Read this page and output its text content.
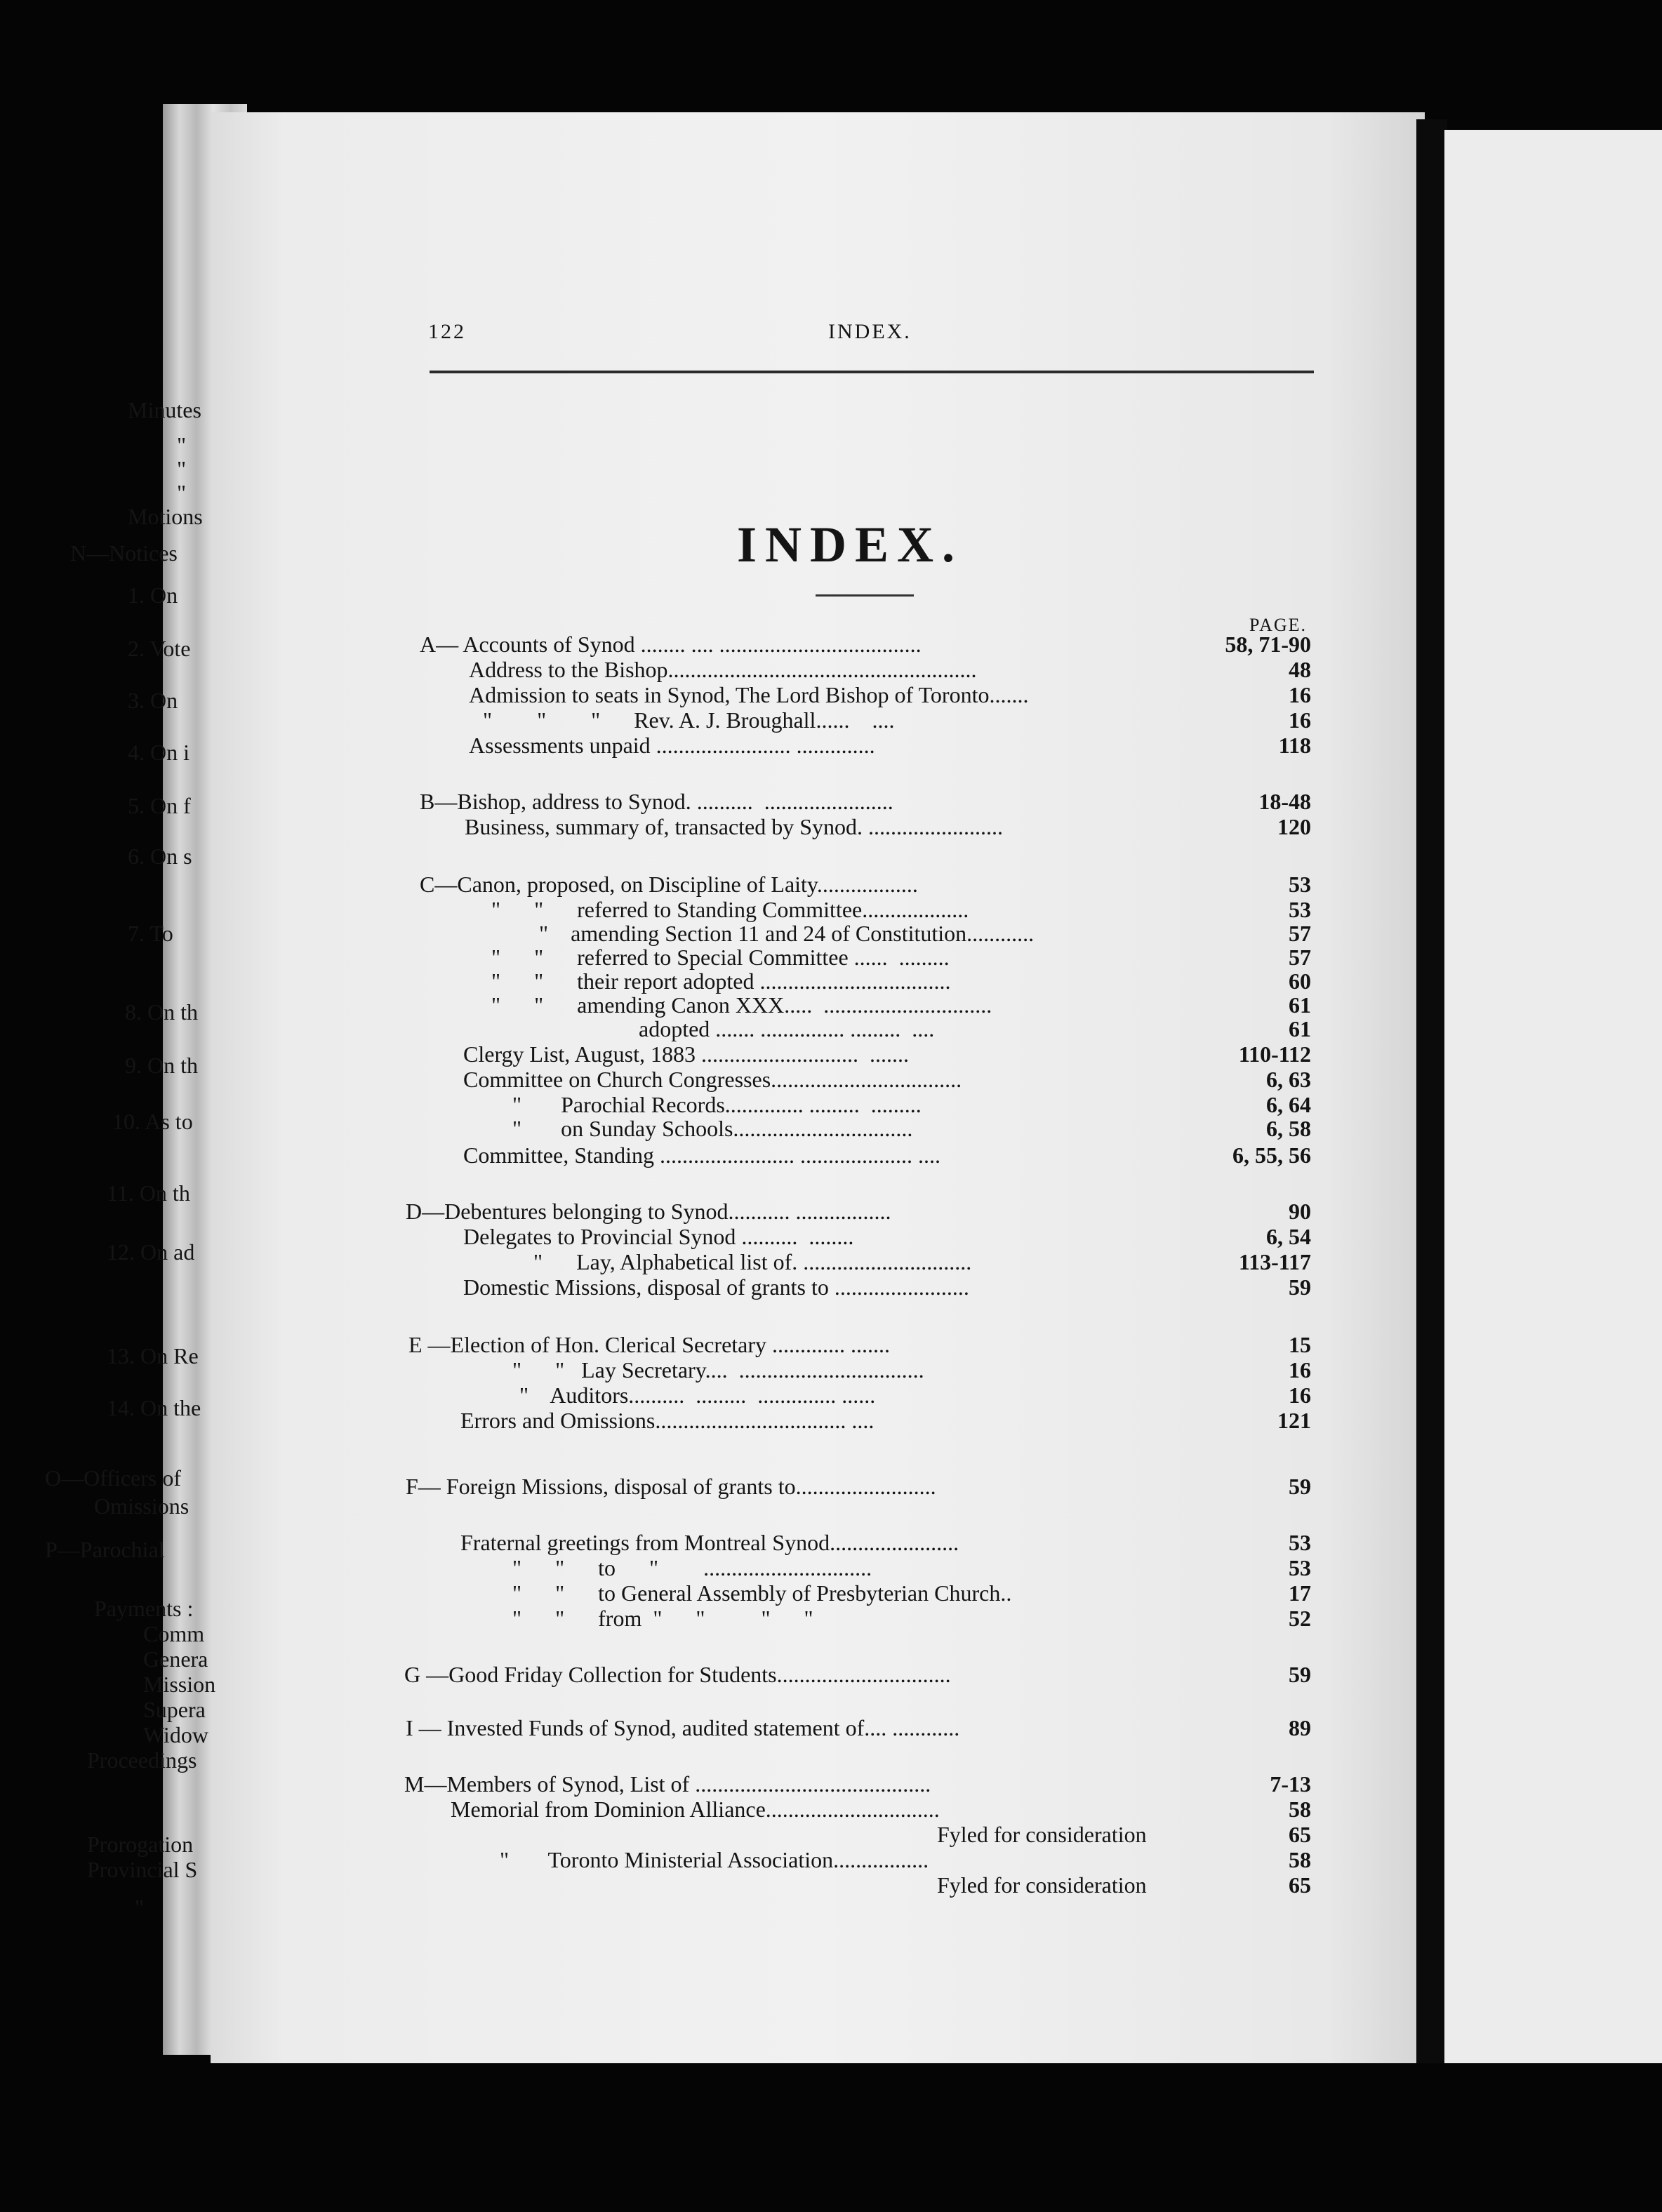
122	INDEX.
INDEX.
PAGE.
A— Accounts of Synod ........ .... ....................................	58, 71-90
Address to the Bishop.......................................................	48
Admission to seats in Synod, The Lord Bishop of Toronto.......	16
"        "        "      Rev. A. J. Broughall......    ....	16
Assessments unpaid ........................ ..............	118
B—Bishop, address to Synod. ..........  .......................	18-48
Business, summary of, transacted by Synod. ........................	120
C—Canon, proposed, on Discipline of Laity..................	53
"      "      referred to Standing Committee...................	53
"    amending Section 11 and 24 of Constitution............	57
"      "      referred to Special Committee ......  .........	57
"      "      their report adopted ..................................	60
"      "      amending Canon XXX.....  ..............................	61
adopted ....... ............... .........  ....	61
Clergy List, August, 1883 ............................  .......	110-112
Committee on Church Congresses..................................	6, 63
"       Parochial Records.............. .........  .........	6, 64
"       on Sunday Schools................................	6, 58
Committee, Standing ........................ .................... ....	6, 55, 56
D—Debentures belonging to Synod........... .................	90
Delegates to Provincial Synod ..........  ........	6, 54
"      Lay, Alphabetical list of. ..............................	113-117
Domestic Missions, disposal of grants to ........................	59
E —Election of Hon. Clerical Secretary ............. .......	15
"      "   Lay Secretary....  .................................	16
"    Auditors..........  .........  .............. ......	16
Errors and Omissions.................................. ....	121
F— Foreign Missions, disposal of grants to.........................	59
Fraternal greetings from Montreal Synod.......................	53
"      "      to      "        ..............................	53
"      "      to General Assembly of Presbyterian Church..	17
"      "      from  "      "          "      "	52
G —Good Friday Collection for Students...............................	59
I — Invested Funds of Synod, audited statement of.... ............	89
M—Members of Synod, List of ..........................................	7-13
Memorial from Dominion Alliance...............................	58
Fyled for consideration	65
"       Toronto Ministerial Association.................	58
Fyled for consideration	65
Minutes
"
"
"
Motions
N—Notices
1. On
2. Vote
3. On
4. On i
5. On f
6. On s
7. To
8. On th
9. On th
10. As to
11. On th
12. On ad
13. On Re
14. On the
O—Officers of
Omissions
P—Parochial
Payments :
Comm
Genera
Mission
Supera
Widow
Proceedings
Prorogation
Provincial S
"
